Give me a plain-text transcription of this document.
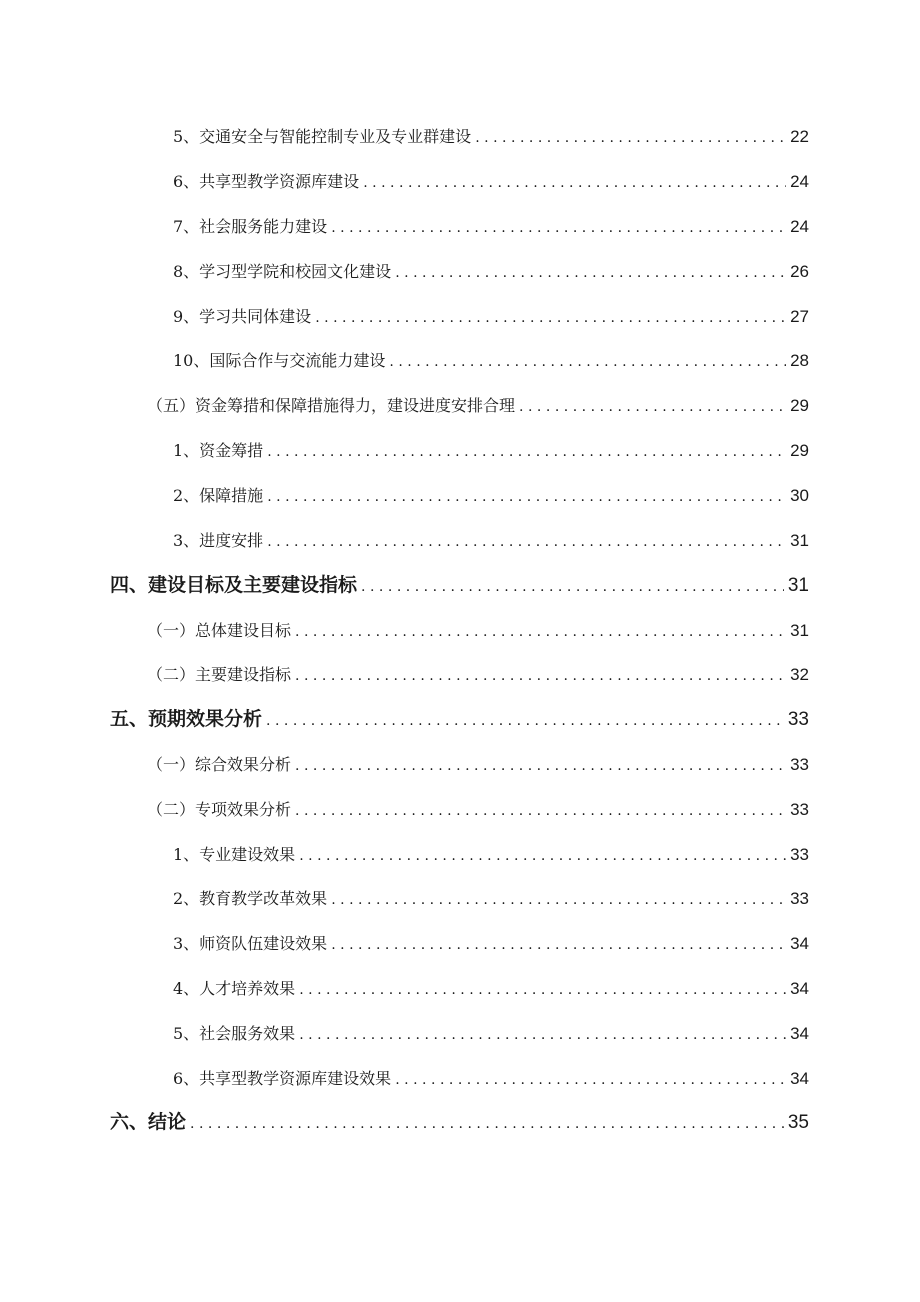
5、交通安全与智能控制专业及专业群建设 .....	22
6、共享型教学资源库建设 .....	24
7、社会服务能力建设 .....	24
8、学习型学院和校园文化建设 .....	26
9、学习共同体建设 .....	27
10、国际合作与交流能力建设 .....	28
（五）资金筹措和保障措施得力，建设进度安排合理 .....	29
1、资金筹措 .....	29
2、保障措施 .....	30
3、进度安排 .....	31
四、建设目标及主要建设指标 .....	31
（一）总体建设目标 .....	31
（二）主要建设指标 .....	32
五、预期效果分析 .....	33
（一）综合效果分析 .....	33
（二）专项效果分析 .....	33
1、专业建设效果 .....	33
2、教育教学改革效果 .....	33
3、师资队伍建设效果 .....	34
4、人才培养效果 .....	34
5、社会服务效果 .....	34
6、共享型教学资源库建设效果 .....	34
六、结论 .....	35
